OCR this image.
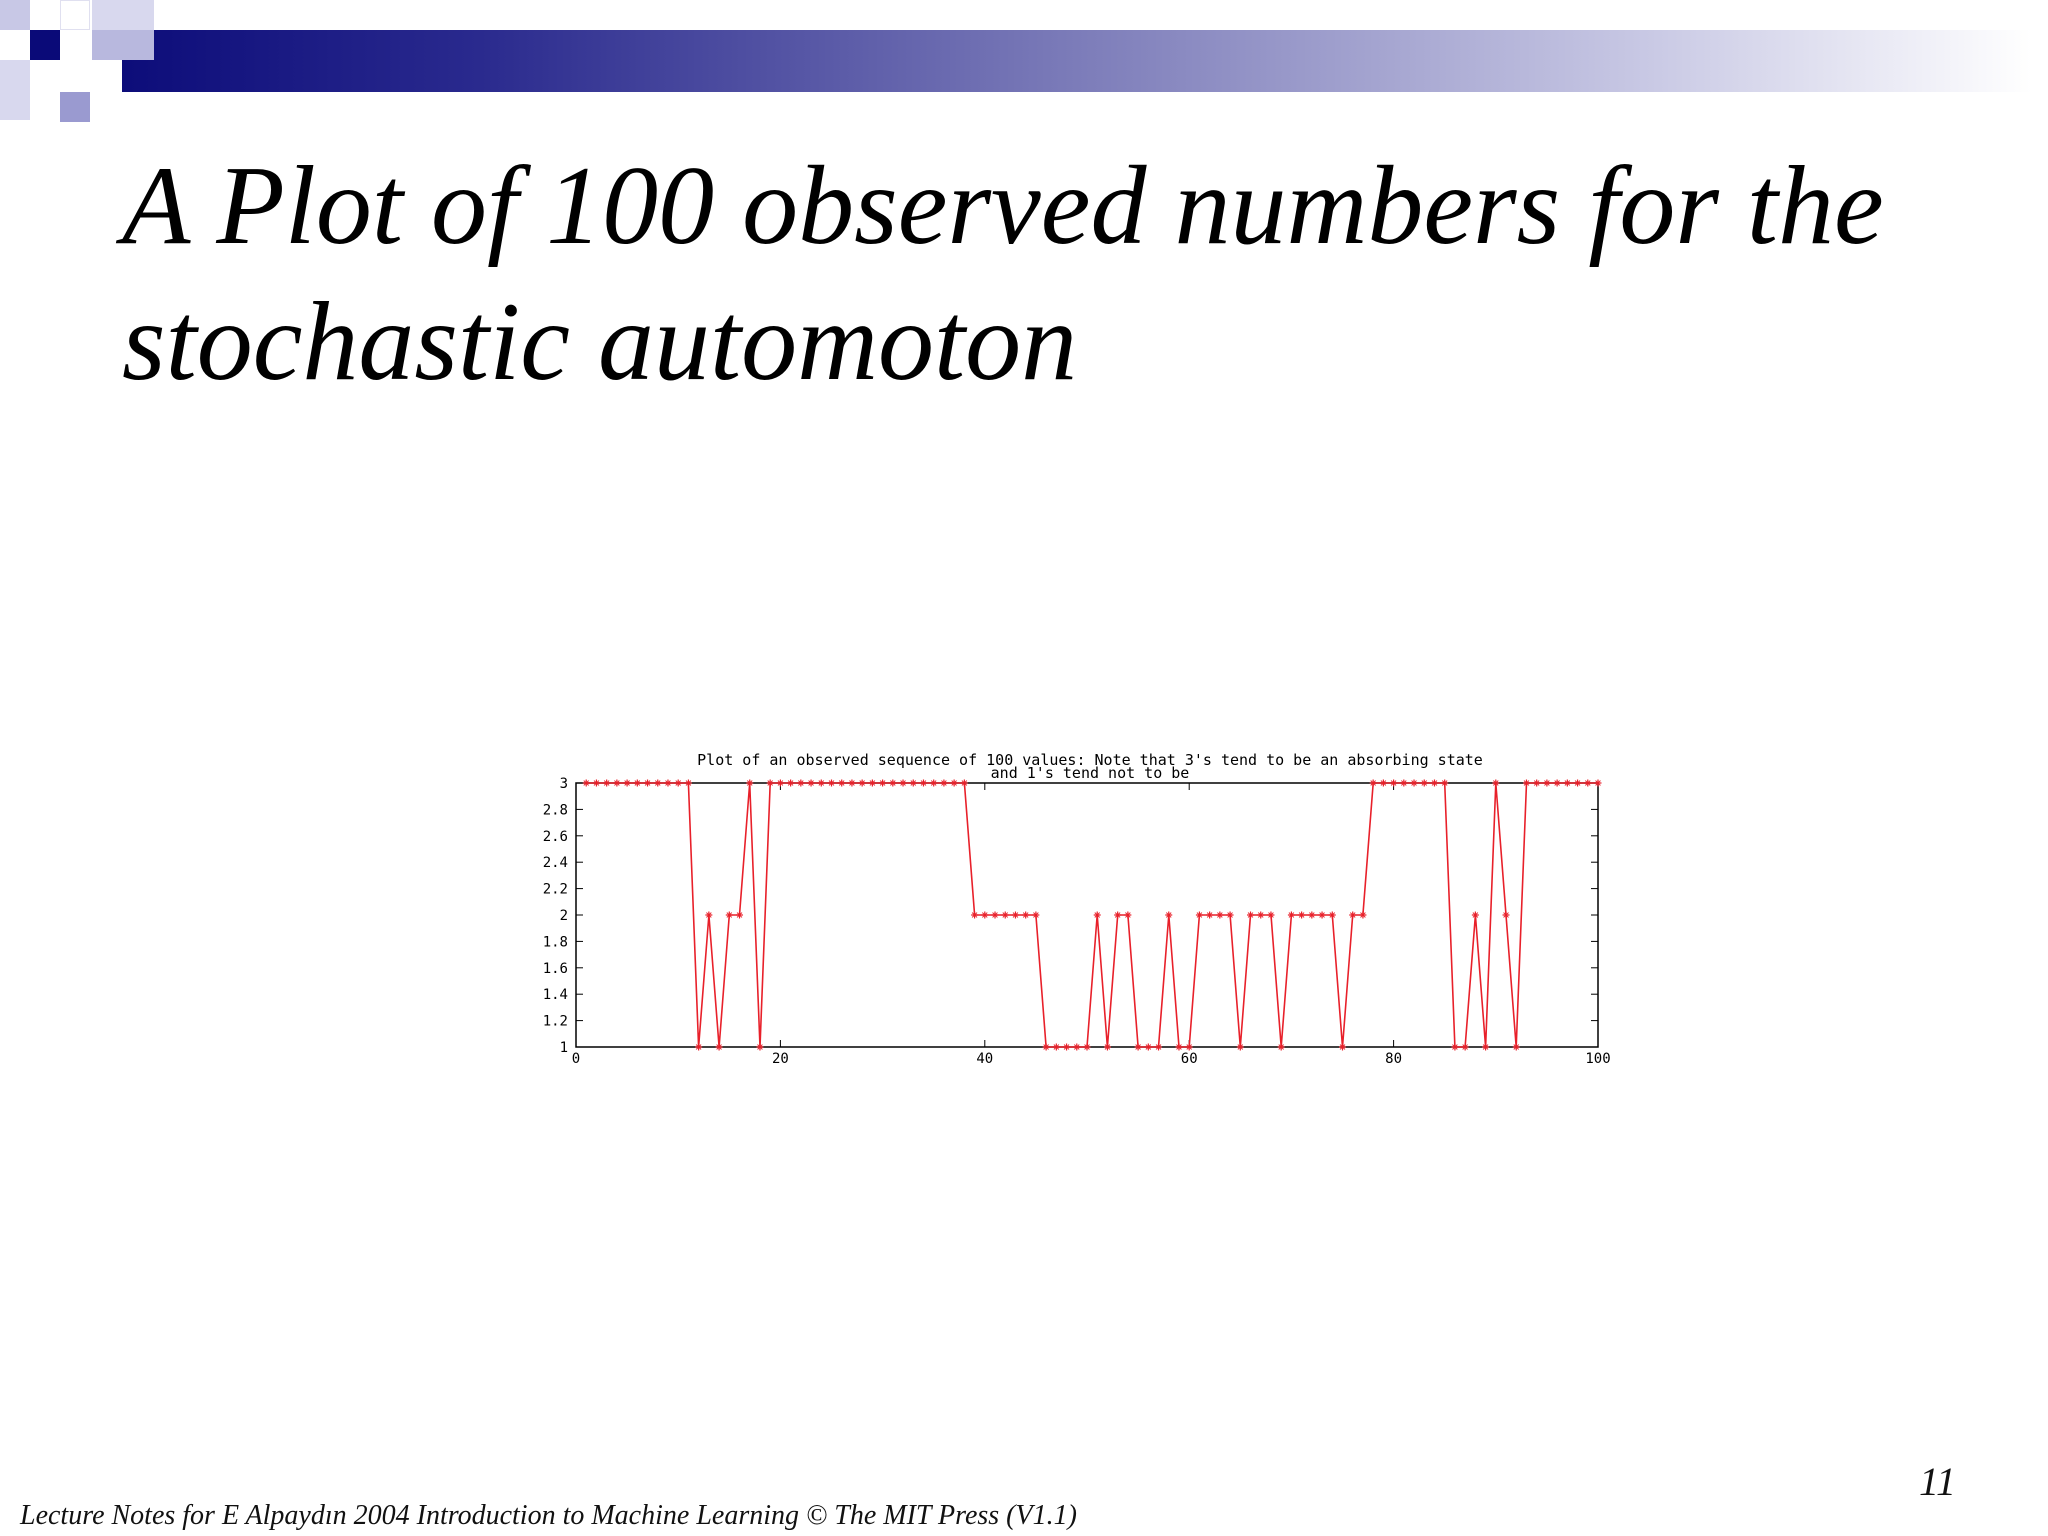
A Plot of 100 observed numbers for the stochastic automoton
Plot of an observed sequence of 100 values: Note that 3's tend to be an absorbing state
and 1's tend not to be
1
1.2
1.4
1.6
1.8
2
2.2
2.4
2.6
2.8
3
0	20	40	60	80	100
11
Lecture Notes for E Alpaydın 2004 Introduction to Machine Learning © The MIT Press (V1.1)
